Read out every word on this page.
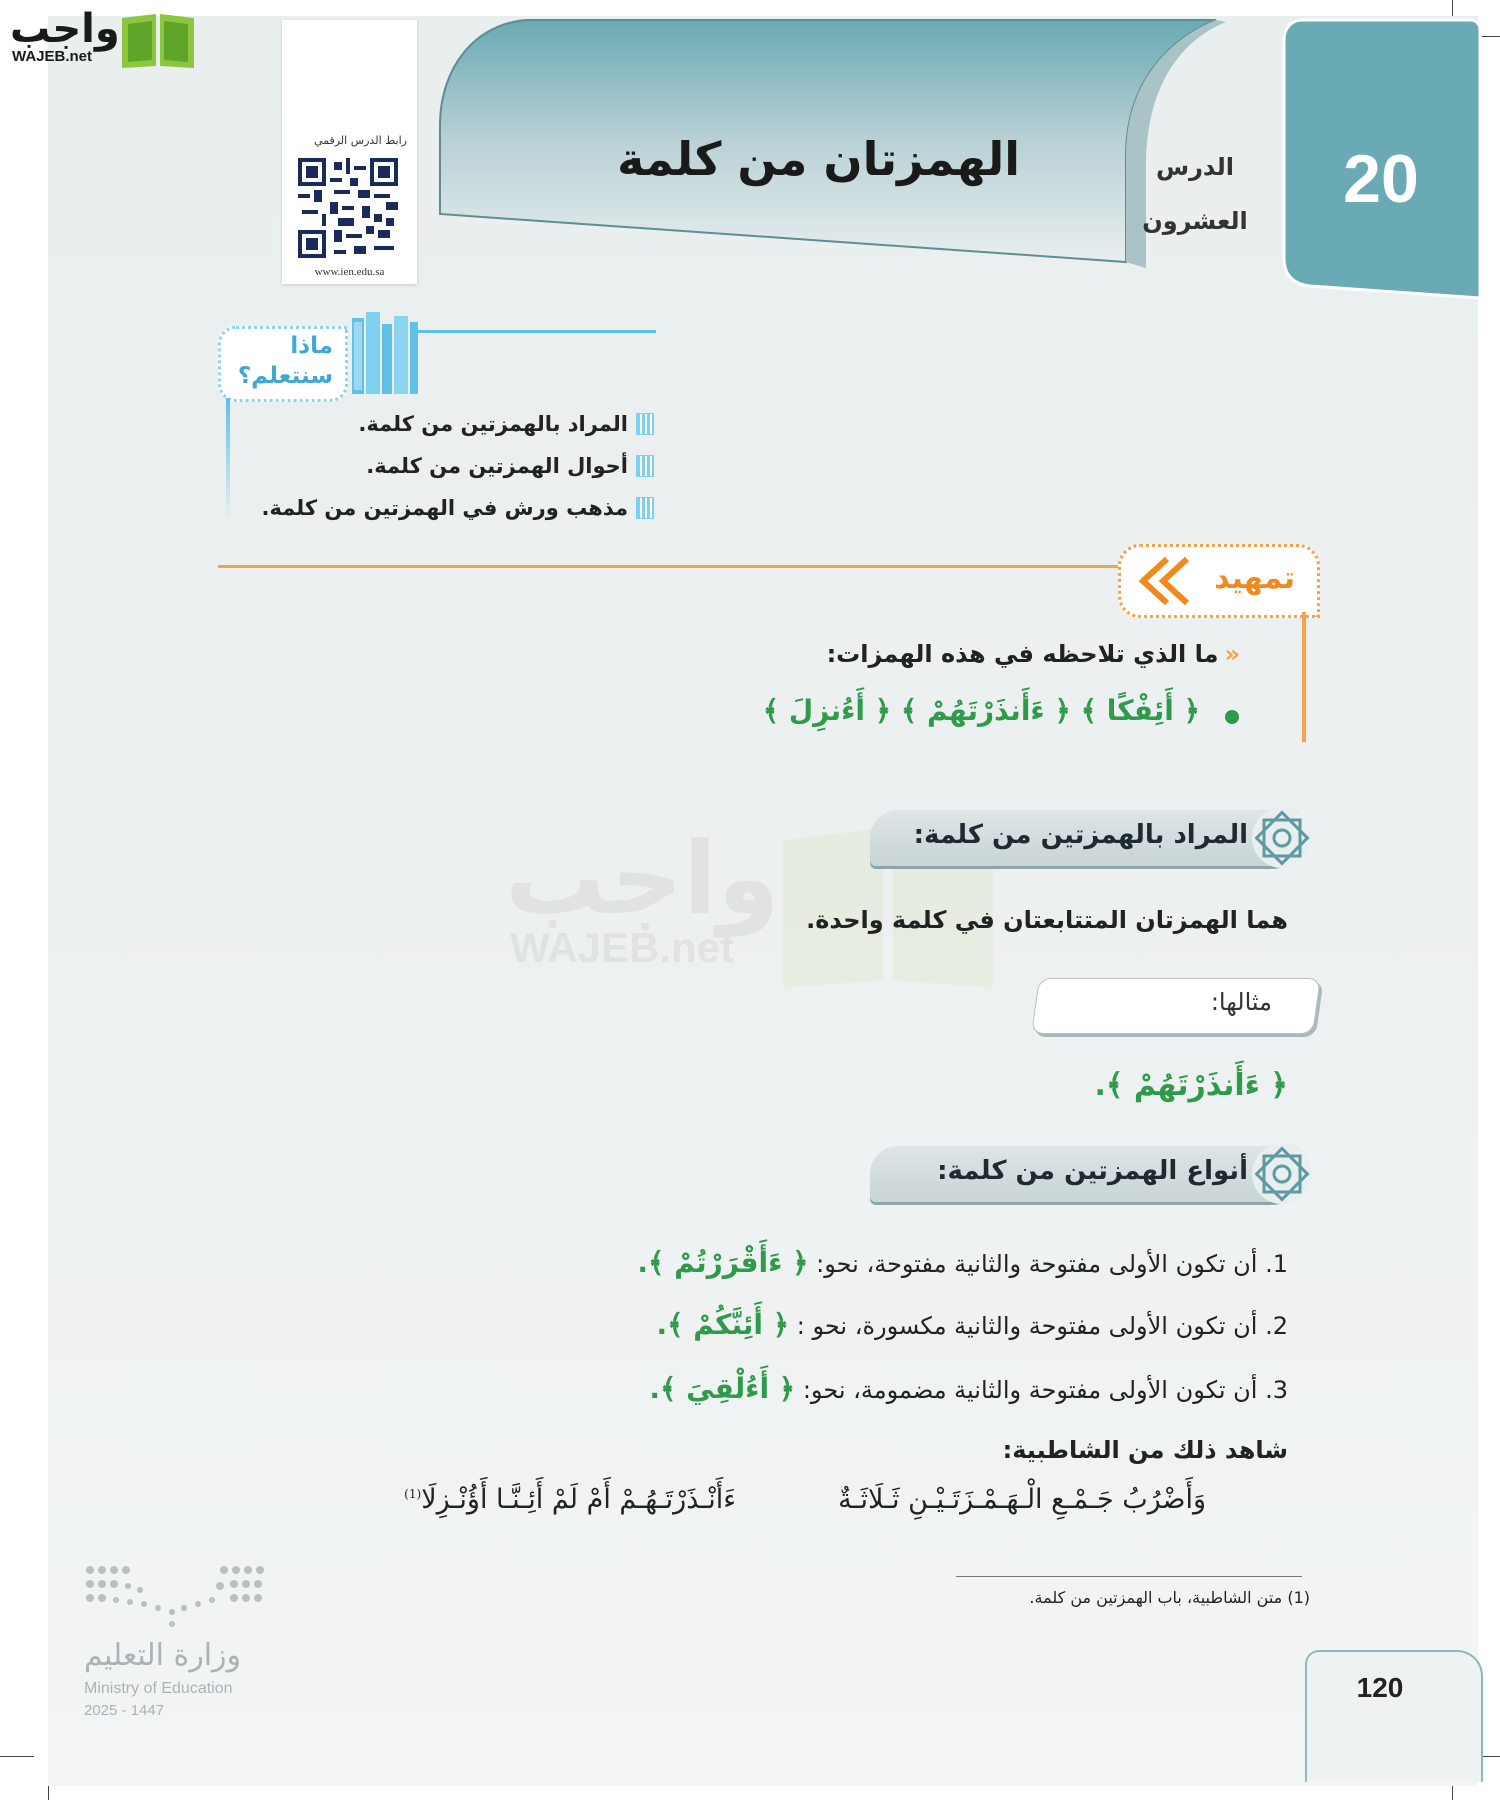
واجب
WAJEB.net
رابط الدرس الرقمي
www.ien.edu.sa
الهمزتان من كلمة	الدرس
العشرون
20
ماذا
سنتعلم؟
المراد بالهمزتين من كلمة.
أحوال الهمزتين من كلمة.
مذهب ورش في الهمزتين من كلمة.
تمهيد
«ما الذي تلاحظه في هذه الهمزات:
﴿ أَئِفْكًا ﴾ ﴿ ءَأَنذَرْتَهُمْ ﴾ ﴿ أَءُنزِلَ ﴾
واجب
WAJEB.net
المراد بالهمزتين من كلمة:
هما الهمزتان المتتابعتان في كلمة واحدة.
مثالها:
﴿ ءَأَنذَرْتَهُمْ ﴾.
أنواع الهمزتين من كلمة:
1. أن تكون الأولى مفتوحة والثانية مفتوحة، نحو: ﴿ ءَأَقْرَرْتُمْ ﴾.
2. أن تكون الأولى مفتوحة والثانية مكسورة، نحو : ﴿ أَئِنَّكُمْ ﴾.
3. أن تكون الأولى مفتوحة والثانية مضمومة، نحو: ﴿ أَءُلْقِيَ ﴾.
شاهد ذلك من الشاطبية:
وَأَضْرُبُ جَـمْـعِ الْـهَـمْـزَتَـيْـنِ ثَـلَاثَـةٌ
ءَأَنْـذَرْتَـهُـمْ أَمْ لَمْ أَئِـنَّـا أَؤُنْـزِلَا$^{(1)}$
(1) متن الشاطبية، باب الهمزتين من كلمة.
وزارة التعليم
Ministry of Education
2025 - 1447
120
